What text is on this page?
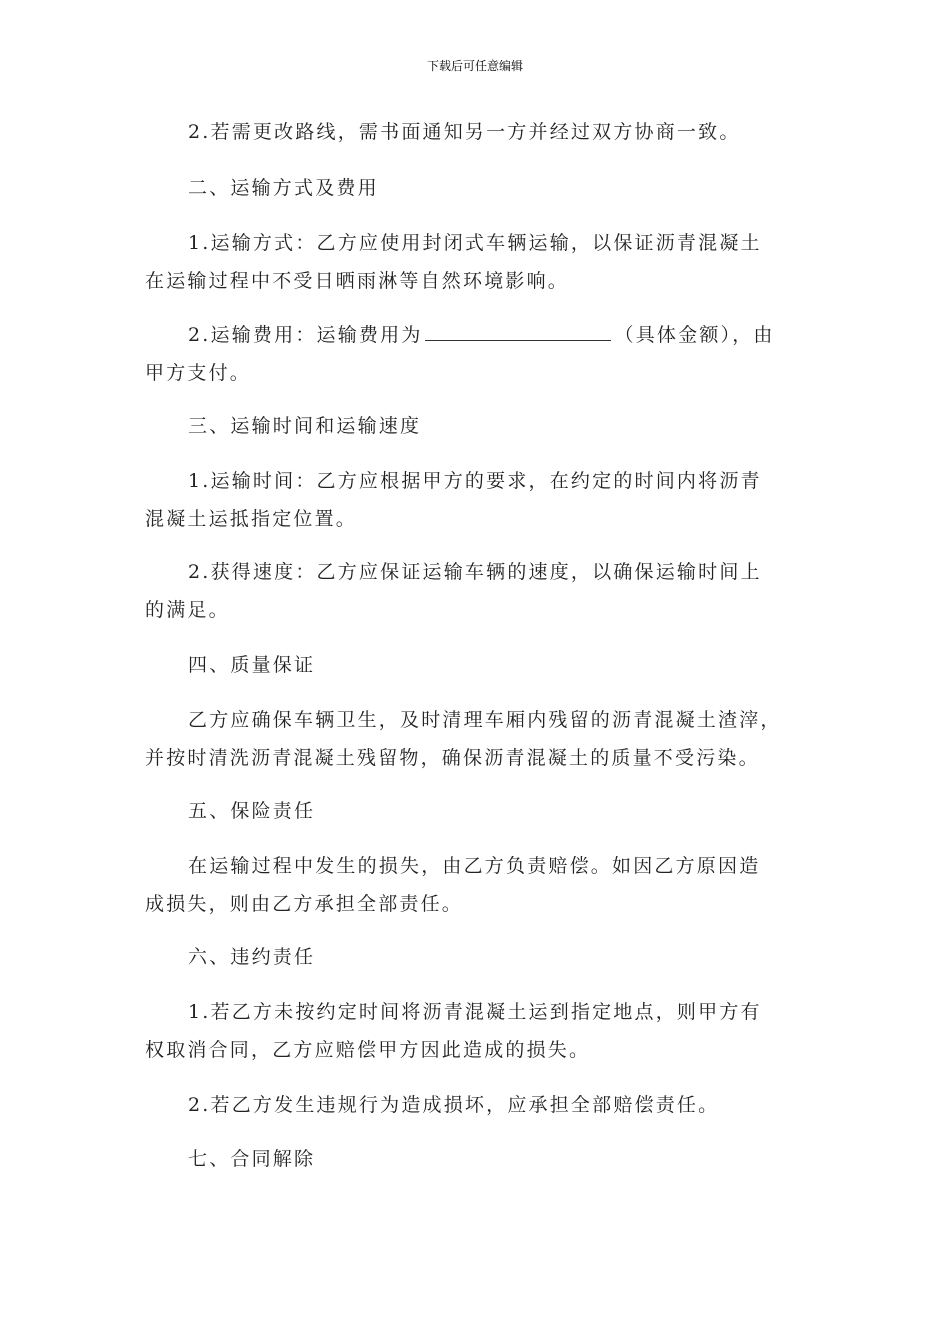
下载后可任意编辑
2.若需更改路线，需书面通知另一方并经过双方协商一致。
二、运输方式及费用
1.运输方式：乙方应使用封闭式车辆运输，以保证沥青混凝土
在运输过程中不受日晒雨淋等自然环境影响。
2.运输费用：运输费用为	（具体金额），由
甲方支付。
三、运输时间和运输速度
1.运输时间：乙方应根据甲方的要求，在约定的时间内将沥青
混凝土运抵指定位置。
2.获得速度：乙方应保证运输车辆的速度，以确保运输时间上
的满足。
四、质量保证
乙方应确保车辆卫生，及时清理车厢内残留的沥青混凝土渣滓，
并按时清洗沥青混凝土残留物，确保沥青混凝土的质量不受污染。
五、保险责任
在运输过程中发生的损失，由乙方负责赔偿。如因乙方原因造
成损失，则由乙方承担全部责任。
六、违约责任
1.若乙方未按约定时间将沥青混凝土运到指定地点，则甲方有
权取消合同，乙方应赔偿甲方因此造成的损失。
2.若乙方发生违规行为造成损坏，应承担全部赔偿责任。
七、合同解除
